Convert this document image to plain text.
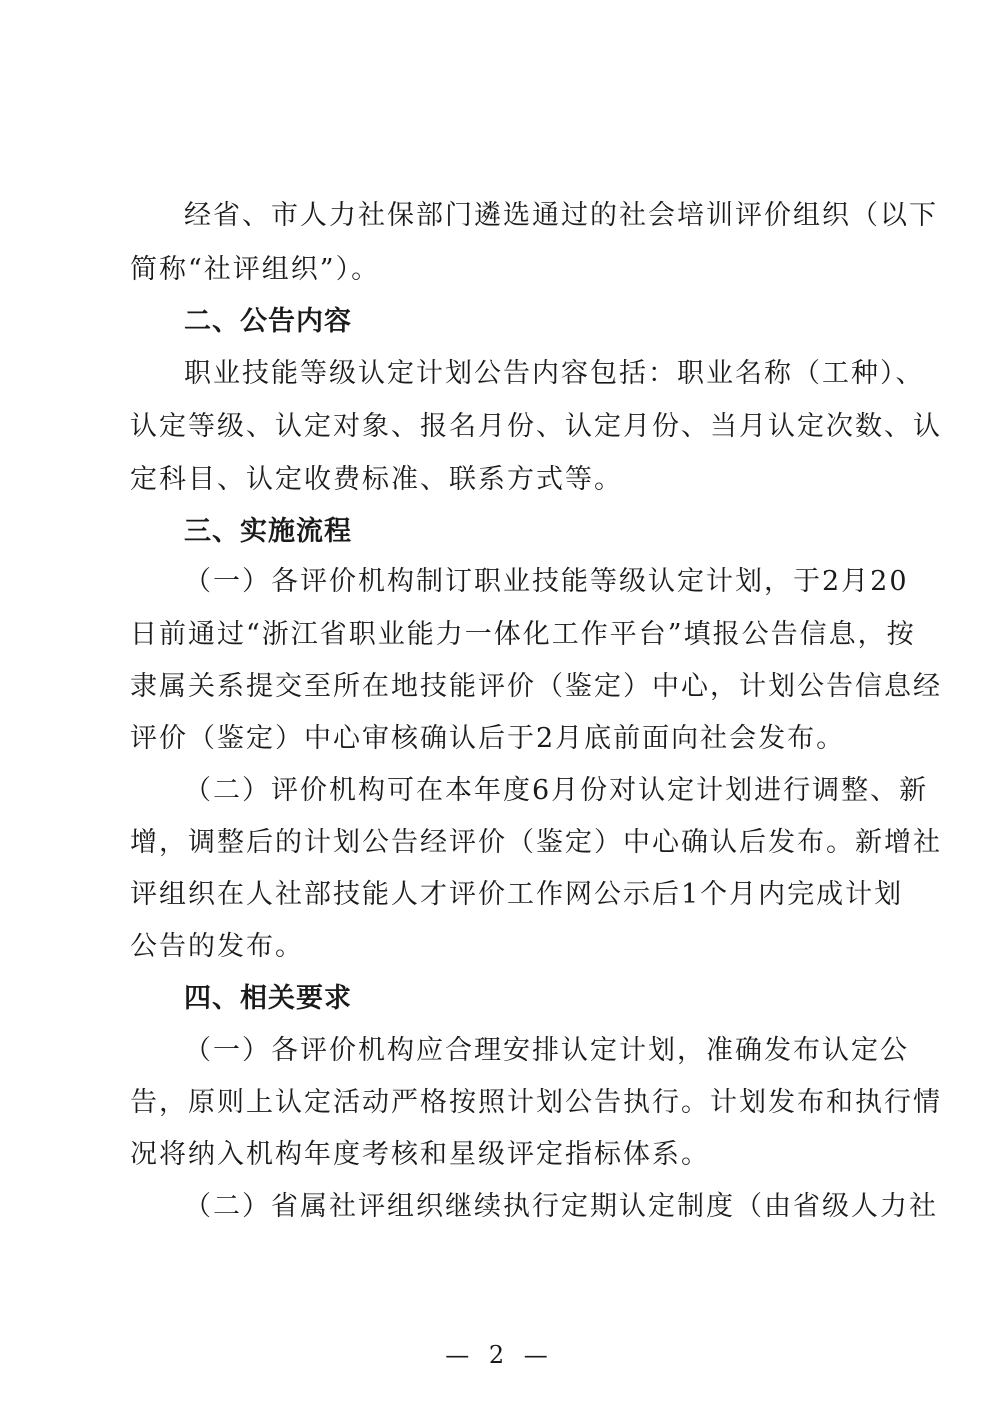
经省、市人力社保部门遴选通过的社会培训评价组织（以下
简称“社评组织”）。
二、公告内容
职业技能等级认定计划公告内容包括：职业名称（工种）、
认定等级、认定对象、报名月份、认定月份、当月认定次数、认
定科目、认定收费标准、联系方式等。
三、实施流程
（一）各评价机构制订职业技能等级认定计划，于2月20
日前通过“浙江省职业能力一体化工作平台”填报公告信息，按
隶属关系提交至所在地技能评价（鉴定）中心，计划公告信息经
评价（鉴定）中心审核确认后于2月底前面向社会发布。
（二）评价机构可在本年度6月份对认定计划进行调整、新
增，调整后的计划公告经评价（鉴定）中心确认后发布。新增社
评组织在人社部技能人才评价工作网公示后1个月内完成计划
公告的发布。
四、相关要求
（一）各评价机构应合理安排认定计划，准确发布认定公
告，原则上认定活动严格按照计划公告执行。计划发布和执行情
况将纳入机构年度考核和星级评定指标体系。
（二）省属社评组织继续执行定期认定制度（由省级人力社
— 2 —
